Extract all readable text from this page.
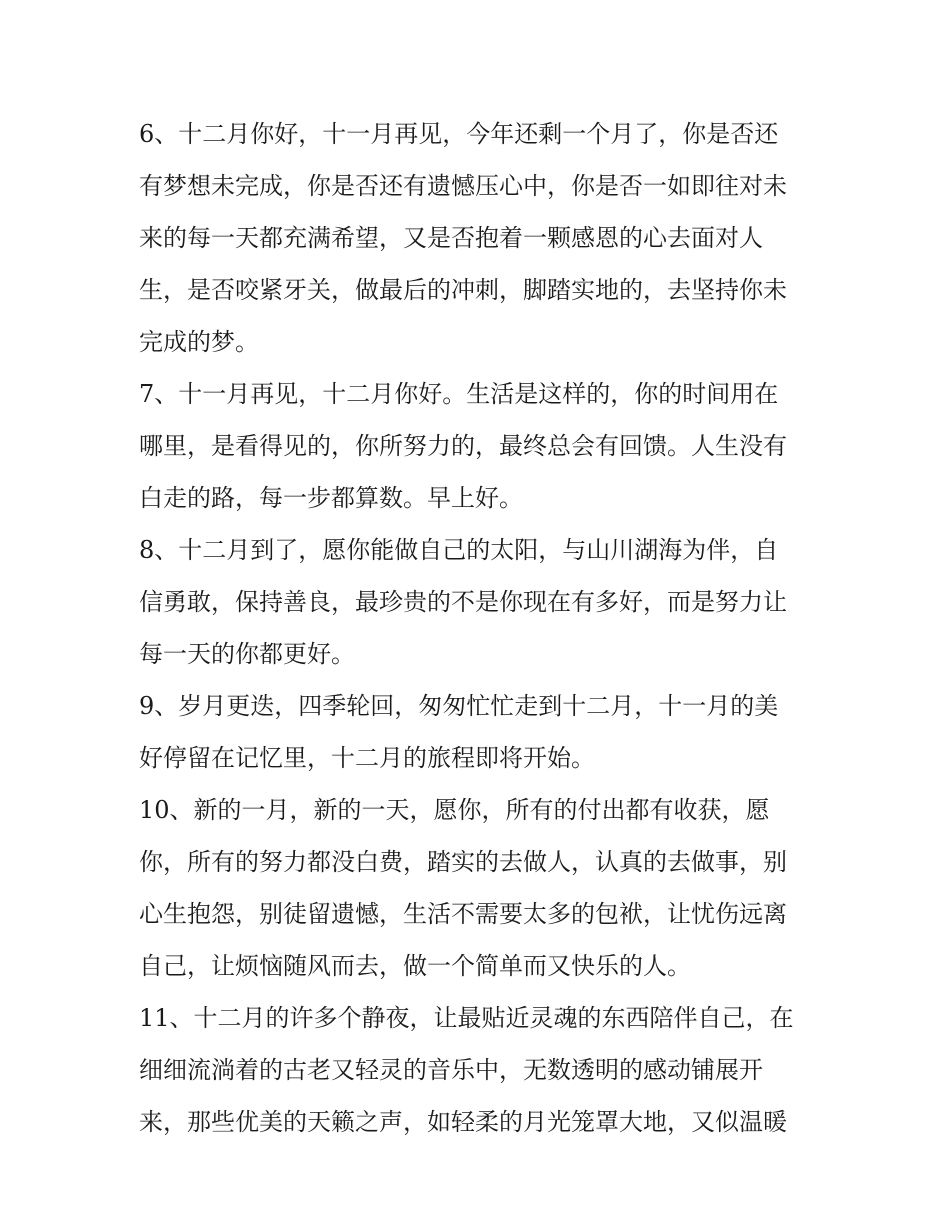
6、十二月你好，十一月再见，今年还剩一个月了，你是否还
有梦想未完成，你是否还有遗憾压心中，你是否一如即往对未
来的每一天都充满希望，又是否抱着一颗感恩的心去面对人
生，是否咬紧牙关，做最后的冲刺，脚踏实地的，去坚持你未
完成的梦。
7、十一月再见，十二月你好。生活是这样的，你的时间用在
哪里，是看得见的，你所努力的，最终总会有回馈。人生没有
白走的路，每一步都算数。早上好。
8、十二月到了，愿你能做自己的太阳，与山川湖海为伴，自
信勇敢，保持善良，最珍贵的不是你现在有多好，而是努力让
每一天的你都更好。
9、岁月更迭，四季轮回，匆匆忙忙走到十二月，十一月的美
好停留在记忆里，十二月的旅程即将开始。
10、新的一月，新的一天，愿你，所有的付出都有收获，愿
你，所有的努力都没白费，踏实的去做人，认真的去做事，别
心生抱怨，别徒留遗憾，生活不需要太多的包袱，让忧伤远离
自己，让烦恼随风而去，做一个简单而又快乐的人。
11、十二月的许多个静夜，让最贴近灵魂的东西陪伴自己，在
细细流淌着的古老又轻灵的音乐中，无数透明的感动铺展开
来，那些优美的天籁之声，如轻柔的月光笼罩大地，又似温暖
